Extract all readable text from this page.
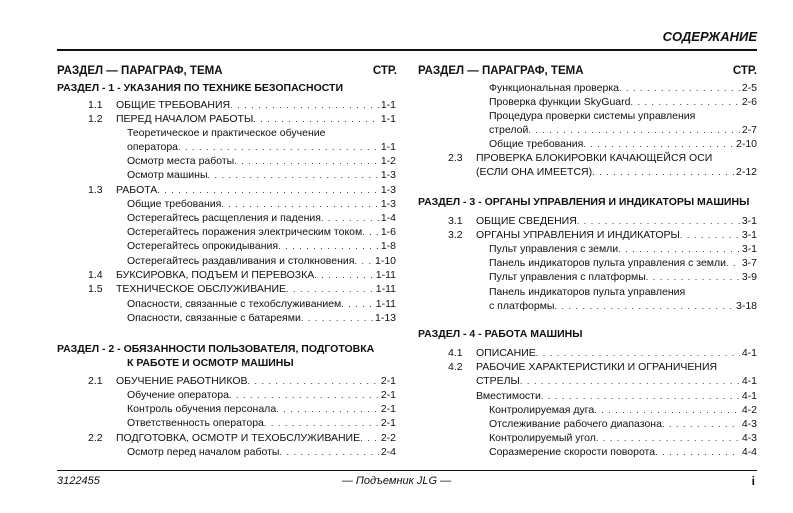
СОДЕРЖАНИЕ
РАЗДЕЛ — ПАРАГРАФ, ТЕМА	СТР.
РАЗДЕЛ - 1 - УКАЗАНИЯ ПО ТЕХНИКЕ БЕЗОПАСНОСТИ
1.1	ОБЩИЕ ТРЕБОВАНИЯ . . .	1-1
1.2	ПЕРЕД НАЧАЛОМ РАБОТЫ . . .	1-1
Теоретическое и практическое обучение
оператора . . .	1-1
Осмотр места работы . . .	1-2
Осмотр машины . . .	1-3
1.3	РАБОТА . . .	1-3
Общие требования . . .	1-3
Остерегайтесь расщепления и падения . . .	1-4
Остерегайтесь поражения электрическим током . . . 1-6
Остерегайтесь опрокидывания . . .	1-8
Остерегайтесь раздавливания и столкновения . . . 1-10
1.4	БУКСИРОВКА, ПОДЪЕМ И ПЕРЕВОЗКА . . .	1-11
1.5	ТЕХНИЧЕСКОЕ ОБСЛУЖИВАНИЕ . . .	1-11
Опасности, связанные с техобслуживанием . . .	1-11
Опасности, связанные с батареями . . .	1-13
2.1	ОБУЧЕНИЕ РАБОТНИКОВ . . .	2-1
Обучение оператора . . .	2-1
Контроль обучения персонала . . .	2-1
Ответственность оператора . . .	2-1
2.2	ПОДГОТОВКА, ОСМОТР И ТЕХОБСЛУЖИВАНИЕ . . . 2-2
Осмотр перед началом работы . . .	2-4
РАЗДЕЛ - 2 - ОБЯЗАННОСТИ ПОЛЬЗОВАТЕЛЯ, ПОДГОТОВКА
К РАБОТЕ И ОСМОТР МАШИНЫ
РАЗДЕЛ — ПАРАГРАФ, ТЕМА	СТР.
РАЗДЕЛ - 3 - ОРГАНЫ УПРАВЛЕНИЯ И ИНДИКАТОРЫ МАШИНЫ
РАЗДЕЛ - 4 - РАБОТА МАШИНЫ
Функциональная проверка . . .	2-5
Проверка функции SkyGuard . . .	2-6
Процедура проверки системы управления
стрелой . . .	2-7
Общие требования . . .	2-10
2.3	ПРОВЕРКА БЛОКИРОВКИ КАЧАЮЩЕЙСЯ ОСИ
(ЕСЛИ ОНА ИМЕЕТСЯ) . . .	2-12
3.1	ОБЩИЕ СВЕДЕНИЯ . . .	3-1
3.2	ОРГАНЫ УПРАВЛЕНИЯ И ИНДИКАТОРЫ . . .	3-1
Пульт управления с земли . . .	3-1
Панель индикаторов пульта управления с земли . . . 3-7
Пульт управления с платформы . . .	3-9
Панель индикаторов пульта управления
с платформы . . .	3-18
4.1	ОПИСАНИЕ . . .	4-1
4.2	РАБОЧИЕ ХАРАКТЕРИСТИКИ И ОГРАНИЧЕНИЯ
СТРЕЛЫ . . .	4-1
Вместимости . . .	4-1
Контролируемая дуга . . .	4-2
Отслеживание рабочего диапазона . . .	4-3
Контролируемый угол . . .	4-3
Соразмерение скорости поворота . . .	4-4
3122455	— Подъемник JLG —	i
